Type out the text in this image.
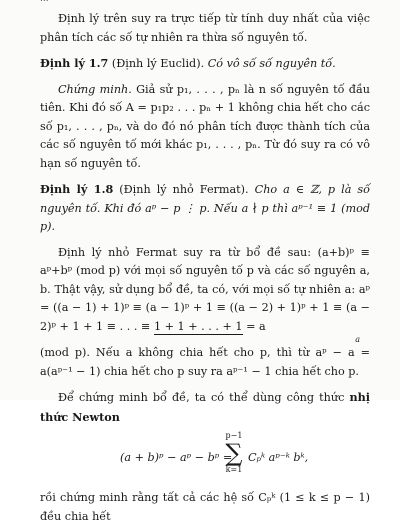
Định lý trên suy ra trực tiếp từ tính duy nhất của việc phân tích các số tự nhiên ra thừa số nguyên tố.

Định lý 1.7 (Định lý Euclid). Có vô số số nguyên tố.

Chứng minh. Giả sử p₁, . . . , pₙ là n số nguyên tố đầu tiên. Khi đó số A = p₁p₂ . . . pₙ + 1 không chia hết cho các số p₁, . . . , pₙ, và do đó nó phân tích được thành tích của các số nguyên tố mới khác p₁, . . . , pₙ. Từ đó suy ra có vô hạn số nguyên tố.

Định lý 1.8 (Định lý nhỏ Fermat). Cho a ∈ ℤ, p là số nguyên tố. Khi đó aᵖ − p ⋮ p. Nếu a ∤ p thì aᵖ⁻¹ ≡ 1 (mod p).

Định lý nhỏ Fermat suy ra từ bổ đề sau: (a+b)ᵖ ≡ aᵖ+bᵖ (mod p) với mọi số nguyên tố p và các số nguyên a, b. Thật vậy, sử dụng bổ đề, ta có, với mọi số tự nhiên a: aᵖ = ((a − 1) + 1)ᵖ ≡ (a − 1)ᵖ + 1 ≡ ((a − 2) + 1)ᵖ + 1 ≡ (a − 2)ᵖ + 1 + 1 ≡ . . . ≡ 1 + 1 + . . . + 1 = a
a
(mod p). Nếu a không chia hết cho p, thì từ aᵖ − a = a(aᵖ⁻¹ − 1) chia hết cho p suy ra aᵖ⁻¹ − 1 chia hết cho p.

Để chứng minh bổ đề, ta có thể dùng công thức nhị thức Newton

(a + b)ᵖ − aᵖ − bᵖ =
p−1
∑
k=1
Cₚᵏ aᵖ⁻ᵏ bᵏ,

rồi chứng minh rằng tất cả các hệ số Cₚᵏ (1 ≤ k ≤ p − 1) đều chia hết
